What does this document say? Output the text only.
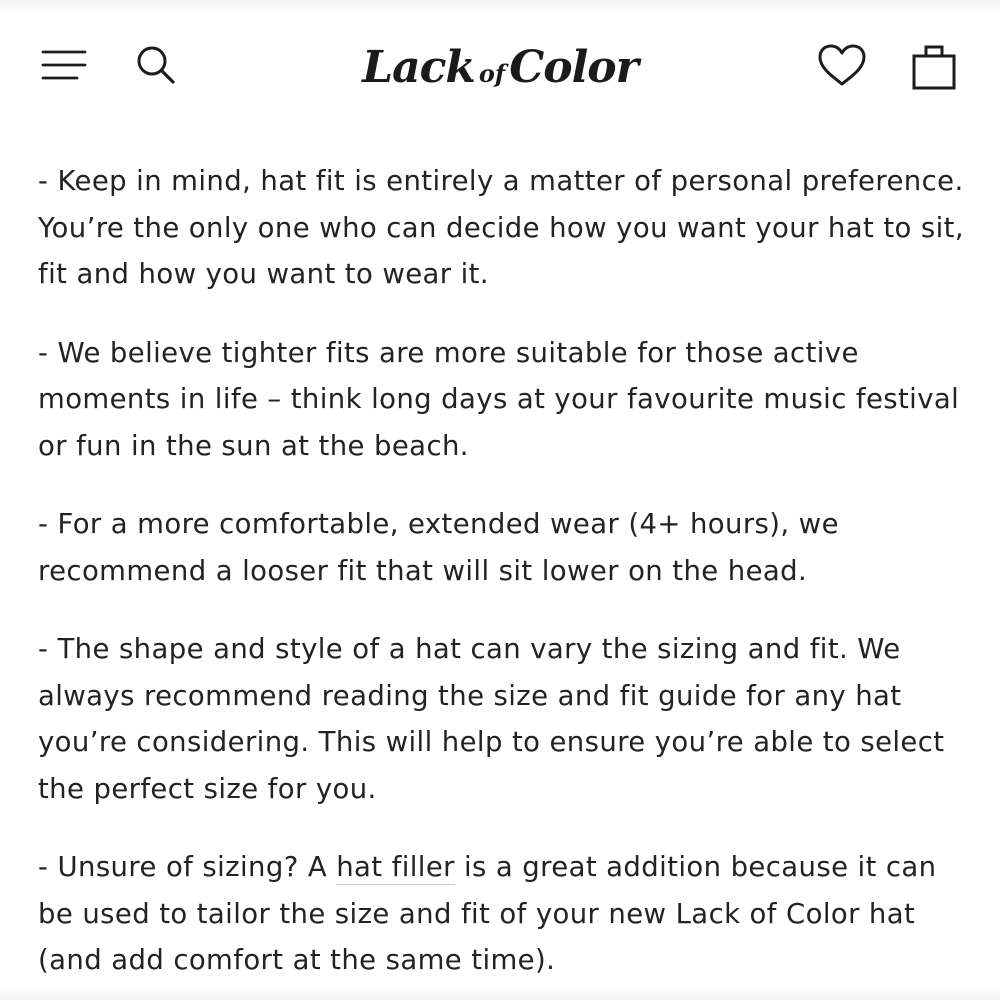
Lack ofColor

- Keep in mind, hat fit is entirely a matter of personal preference. You’re the only one who can decide how you want your hat to sit, fit and how you want to wear it.

- We believe tighter fits are more suitable for those active moments in life – think long days at your favourite music festival or fun in the sun at the beach.

- For a more comfortable, extended wear (4+ hours), we recommend a looser fit that will sit lower on the head.

- The shape and style of a hat can vary the sizing and fit. We always recommend reading the size and fit guide for any hat you’re considering. This will help to ensure you’re able to select the perfect size for you.

- Unsure of sizing? A hat filler is a great addition because it can be used to tailor the size and fit of your new Lack of Color hat (and add comfort at the same time).
